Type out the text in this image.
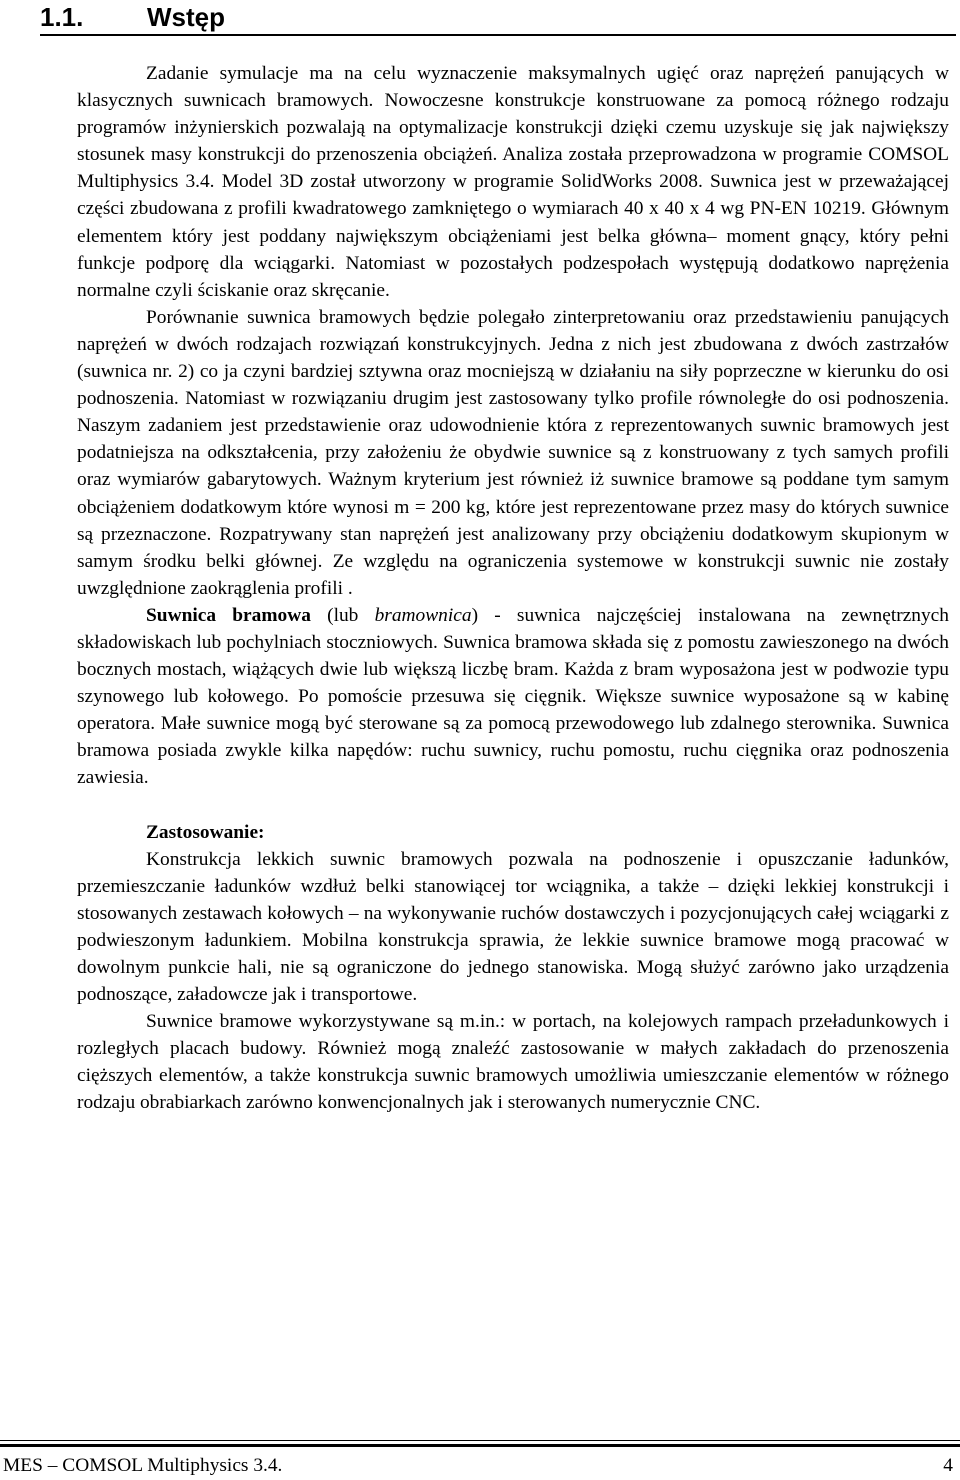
1.1. Wstęp

Zadanie symulacje ma na celu wyznaczenie maksymalnych ugięć oraz naprężeń panujących w klasycznych suwnicach bramowych. Nowoczesne konstrukcje konstruowane za pomocą różnego rodzaju programów inżynierskich pozwalają na optymalizacje konstrukcji dzięki czemu uzyskuje się jak największy stosunek masy konstrukcji do przenoszenia obciążeń. Analiza została przeprowadzona w programie COMSOL Multiphysics 3.4. Model 3D został utworzony w programie SolidWorks 2008. Suwnica jest w przeważającej części zbudowana z profili kwadratowego zamkniętego o wymiarach 40 x 40 x 4 wg PN-EN 10219. Głównym elementem który jest poddany największym obciążeniami jest belka główna– moment gnący, który pełni funkcje podporę dla wciągarki. Natomiast w pozostałych podzespołach występują dodatkowo naprężenia normalne czyli ściskanie oraz skręcanie.

Porównanie suwnica bramowych będzie polegało zinterpretowaniu oraz przedstawieniu panujących naprężeń w dwóch rodzajach rozwiązań konstrukcyjnych. Jedna z nich jest zbudowana z dwóch zastrzałów (suwnica nr. 2) co ja czyni bardziej sztywna oraz mocniejszą w działaniu na siły poprzeczne w kierunku do osi podnoszenia. Natomiast w rozwiązaniu drugim jest zastosowany tylko profile równoległe do osi podnoszenia. Naszym zadaniem jest przedstawienie oraz udowodnienie która z reprezentowanych suwnic bramowych jest podatniejsza na odkształcenia, przy założeniu że obydwie suwnice są z konstruowany z tych samych profili oraz wymiarów gabarytowych. Ważnym kryterium jest również iż suwnice bramowe są poddane tym samym obciążeniem dodatkowym które wynosi m = 200 kg, które jest reprezentowane przez masy do których suwnice są przeznaczone. Rozpatrywany stan naprężeń jest analizowany przy obciążeniu dodatkowym skupionym w samym środku belki głównej. Ze względu na ograniczenia systemowe w konstrukcji suwnic nie zostały uwzględnione zaokrąglenia profili .

Suwnica bramowa (lub bramownica) - suwnica najczęściej instalowana na zewnętrznych składowiskach lub pochylniach stoczniowych. Suwnica bramowa składa się z pomostu zawieszonego na dwóch bocznych mostach, wiążących dwie lub większą liczbę bram. Każda z bram wyposażona jest w podwozie typu szynowego lub kołowego. Po pomoście przesuwa się cięgnik. Większe suwnice wyposażone są w kabinę operatora. Małe suwnice mogą być sterowane są za pomocą przewodowego lub zdalnego sterownika. Suwnica bramowa posiada zwykle kilka napędów: ruchu suwnicy, ruchu pomostu, ruchu cięgnika oraz podnoszenia zawiesia.

Zastosowanie:

Konstrukcja lekkich suwnic bramowych pozwala na podnoszenie i opuszczanie ładunków, przemieszczanie ładunków wzdłuż belki stanowiącej tor wciągnika, a także – dzięki lekkiej konstrukcji i stosowanych zestawach kołowych – na wykonywanie ruchów dostawczych i pozycjonujących całej wciągarki z podwieszonym ładunkiem. Mobilna konstrukcja sprawia, że lekkie suwnice bramowe mogą pracować w dowolnym punkcie hali, nie są ograniczone do jednego stanowiska. Mogą służyć zarówno jako urządzenia podnoszące, załadowcze jak i transportowe.

Suwnice bramowe wykorzystywane są m.in.: w portach, na kolejowych rampach przeładunkowych i rozległych placach budowy. Również mogą znaleźć zastosowanie w małych zakładach do przenoszenia cięższych elementów, a także konstrukcja suwnic bramowych umożliwia umieszczanie elementów w różnego rodzaju obrabiarkach zarówno konwencjonalnych jak i sterowanych numerycznie CNC.

MES – COMSOL Multiphysics 3.4.	4
